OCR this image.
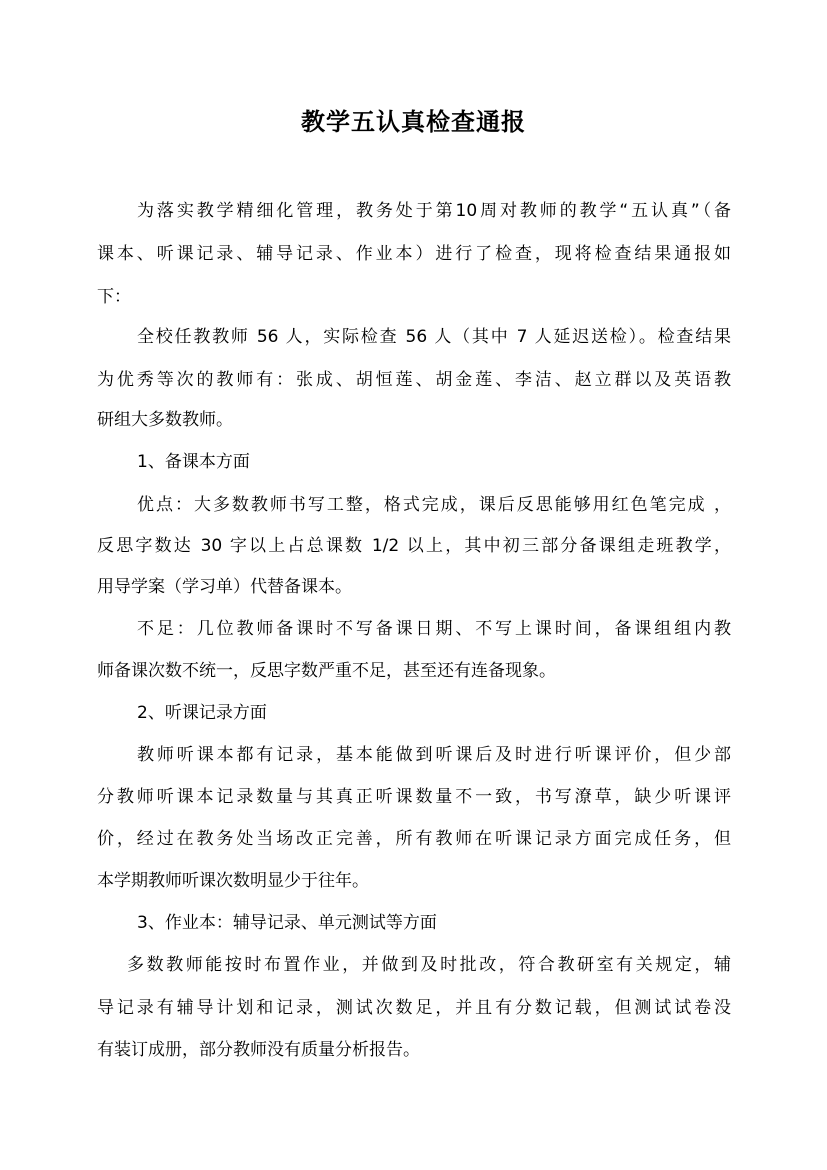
教学五认真检查通报

为落实教学精细化管理，教务处于第10周对教师的教学“五认真”（备

课本、听课记录、辅导记录、作业本）进行了检查，现将检查结果通报如

下：

全校任教教师 56 人，实际检查 56 人（其中 7 人延迟送检）。检查结果

为优秀等次的教师有：张成、胡恒莲、胡金莲、李洁、赵立群以及英语教

研组大多数教师。

1、备课本方面

优点：大多数教师书写工整，格式完成，课后反思能够用红色笔完成 ，

反思字数达 30 字以上占总课数 1/2 以上，其中初三部分备课组走班教学，

用导学案（学习单）代替备课本。

不足：几位教师备课时不写备课日期、不写上课时间，备课组组内教

师备课次数不统一，反思字数严重不足，甚至还有连备现象。

2、听课记录方面

教师听课本都有记录，基本能做到听课后及时进行听课评价，但少部

分教师听课本记录数量与其真正听课数量不一致，书写潦草，缺少听课评

价，经过在教务处当场改正完善，所有教师在听课记录方面完成任务，但

本学期教师听课次数明显少于往年。

3、作业本：辅导记录、单元测试等方面

多数教师能按时布置作业，并做到及时批改，符合教研室有关规定，辅

导记录有辅导计划和记录，测试次数足，并且有分数记载，但测试试卷没

有装订成册，部分教师没有质量分析报告。
